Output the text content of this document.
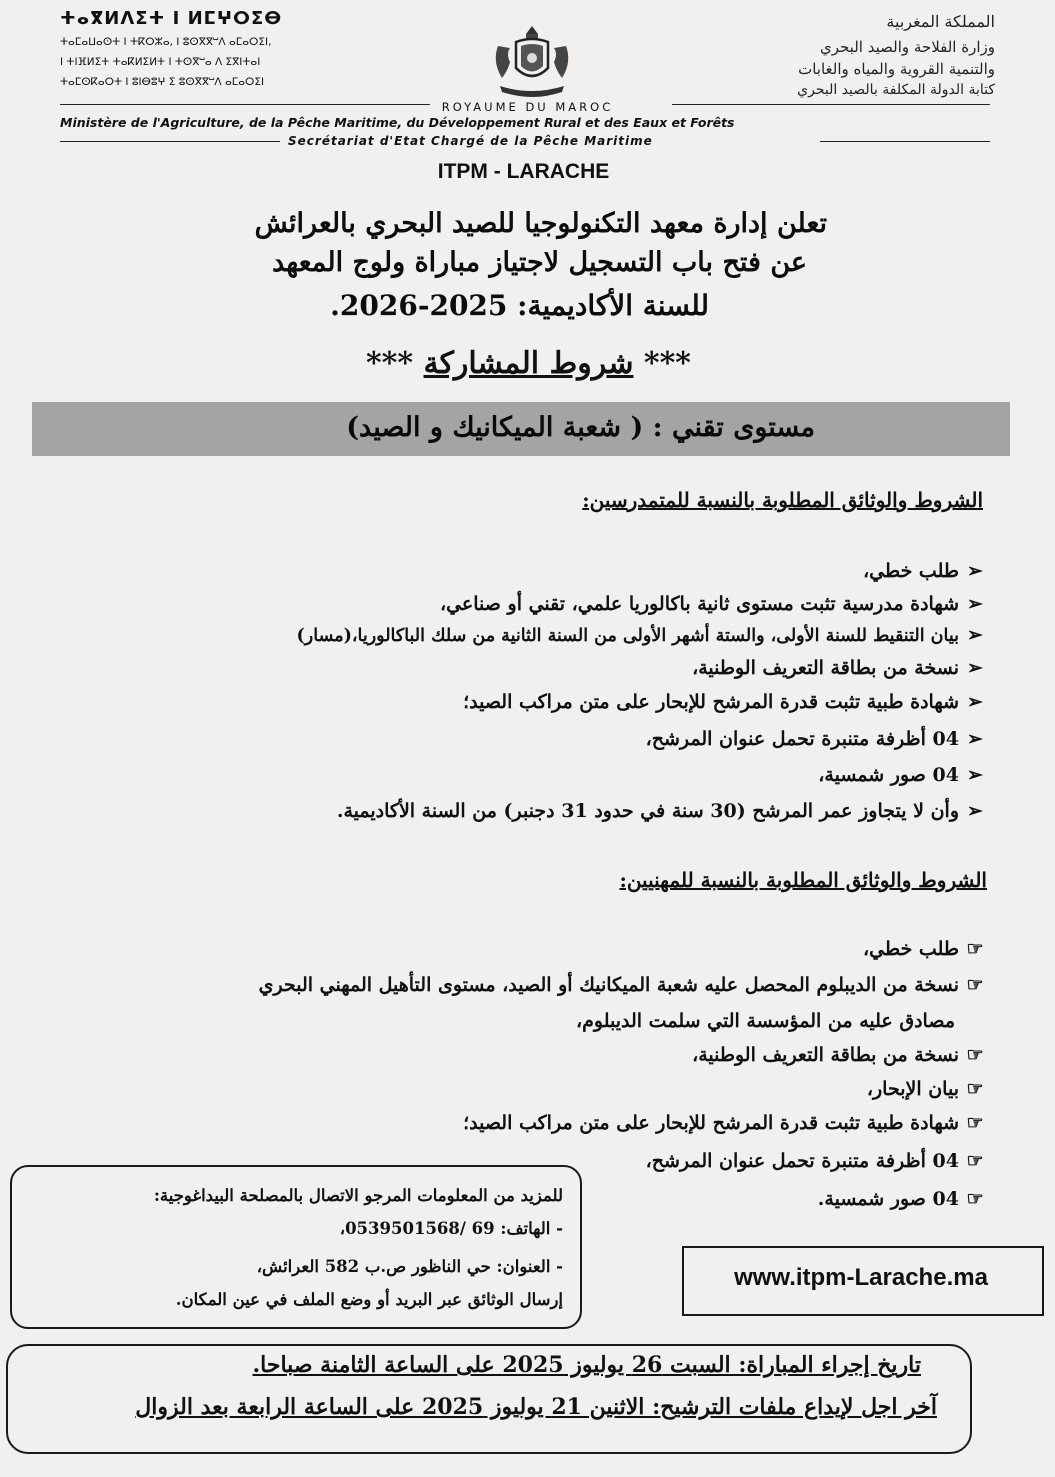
ⵜⴰⴳⵍⴷⵉⵜ ⵏ ⵍⵎⵖⵔⵉⴱ
ⵜⴰⵎⴰⵡⴰⵙⵜ ⵏ ⵜⴽⵔⵣⴰ, ⵏ ⵓⵙⴳⴳⵯⴷ ⴰⵎⴰⵔⵉⵏ,
ⵏ ⵜⵏⴼⵍⵉⵜ ⵜⴰⴽⵍⵉⵍⵜ ⵏ ⵜⵙⴳⵯⴰ ⴷ ⵉⴳⵏⵜⴰⵏ
ⵜⴰⵎⵙⴽⴰⵔⵜ ⵏ ⵓⵏⴱⵓⵖ ⵉ ⵓⵙⴳⴳⵯⴷ ⴰⵎⴰⵔⵉⵏ
المملكة المغربية
وزارة الفلاحة والصيد البحري
والتنمية القروية والمياه والغابات
كتابة الدولة المكلفة بالصيد البحري
ROYAUME DU MAROC
Ministère de l'Agriculture, de la Pêche Maritime, du Développement Rural et des Eaux et Forêts
Secrétariat d'Etat Chargé de la Pêche Maritime
ITPM - LARACHE
تعلن إدارة معهد التكنولوجيا للصيد البحري بالعرائش
عن فتح باب التسجيل لاجتياز مباراة ولوج المعهد
للسنة الأكاديمية: 2025-2026.
*** شروط المشاركة ***
مستوى تقني : ( شعبة الميكانيك و الصيد)
الشروط والوثائق المطلوبة بالنسبة للمتمدرسين:
➢طلب خطي،
➢شهادة مدرسية تثبت مستوى ثانية باكالوريا علمي، تقني أو صناعي،
➢بيان التنقيط للسنة الأولى، والستة أشهر الأولى من السنة الثانية من سلك الباكالوريا،(مسار)
➢نسخة من بطاقة التعريف الوطنية،
➢شهادة طبية تثبت قدرة المرشح للإبحار على متن مراكب الصيد؛
➢04 أظرفة متنبرة تحمل عنوان المرشح،
➢04 صور شمسية،
➢وأن لا يتجاوز عمر المرشح (30 سنة في حدود 31 دجنبر) من السنة الأكاديمية.
الشروط والوثائق المطلوبة بالنسبة للمهنيين:
☞طلب خطي،
☞نسخة من الديبلوم المحصل عليه شعبة الميكانيك أو الصيد، مستوى التأهيل المهني البحري
☞نسخة من بطاقة التعريف الوطنية،
☞بيان الإبحار،
☞شهادة طبية تثبت قدرة المرشح للإبحار على متن مراكب الصيد؛
☞04 أظرفة متنبرة تحمل عنوان المرشح،
☞04 صور شمسية.
مصادق عليه من المؤسسة التي سلمت الديبلوم،
للمزيد من المعلومات المرجو الاتصال بالمصلحة البيداغوجية:
- الهاتف: 69 /0539501568،
- العنوان: حي الناظور ص.ب 582 العرائش،
إرسال الوثائق عبر البريد أو وضع الملف في عين المكان.
www.itpm-Larache.ma
تاريخ إجراء المباراة: السبت 26 يوليوز 2025 على الساعة الثامنة صباحا.
آخر اجل لإيداع ملفات الترشيح: الاثنين 21 يوليوز 2025 على الساعة الرابعة بعد الزوال
